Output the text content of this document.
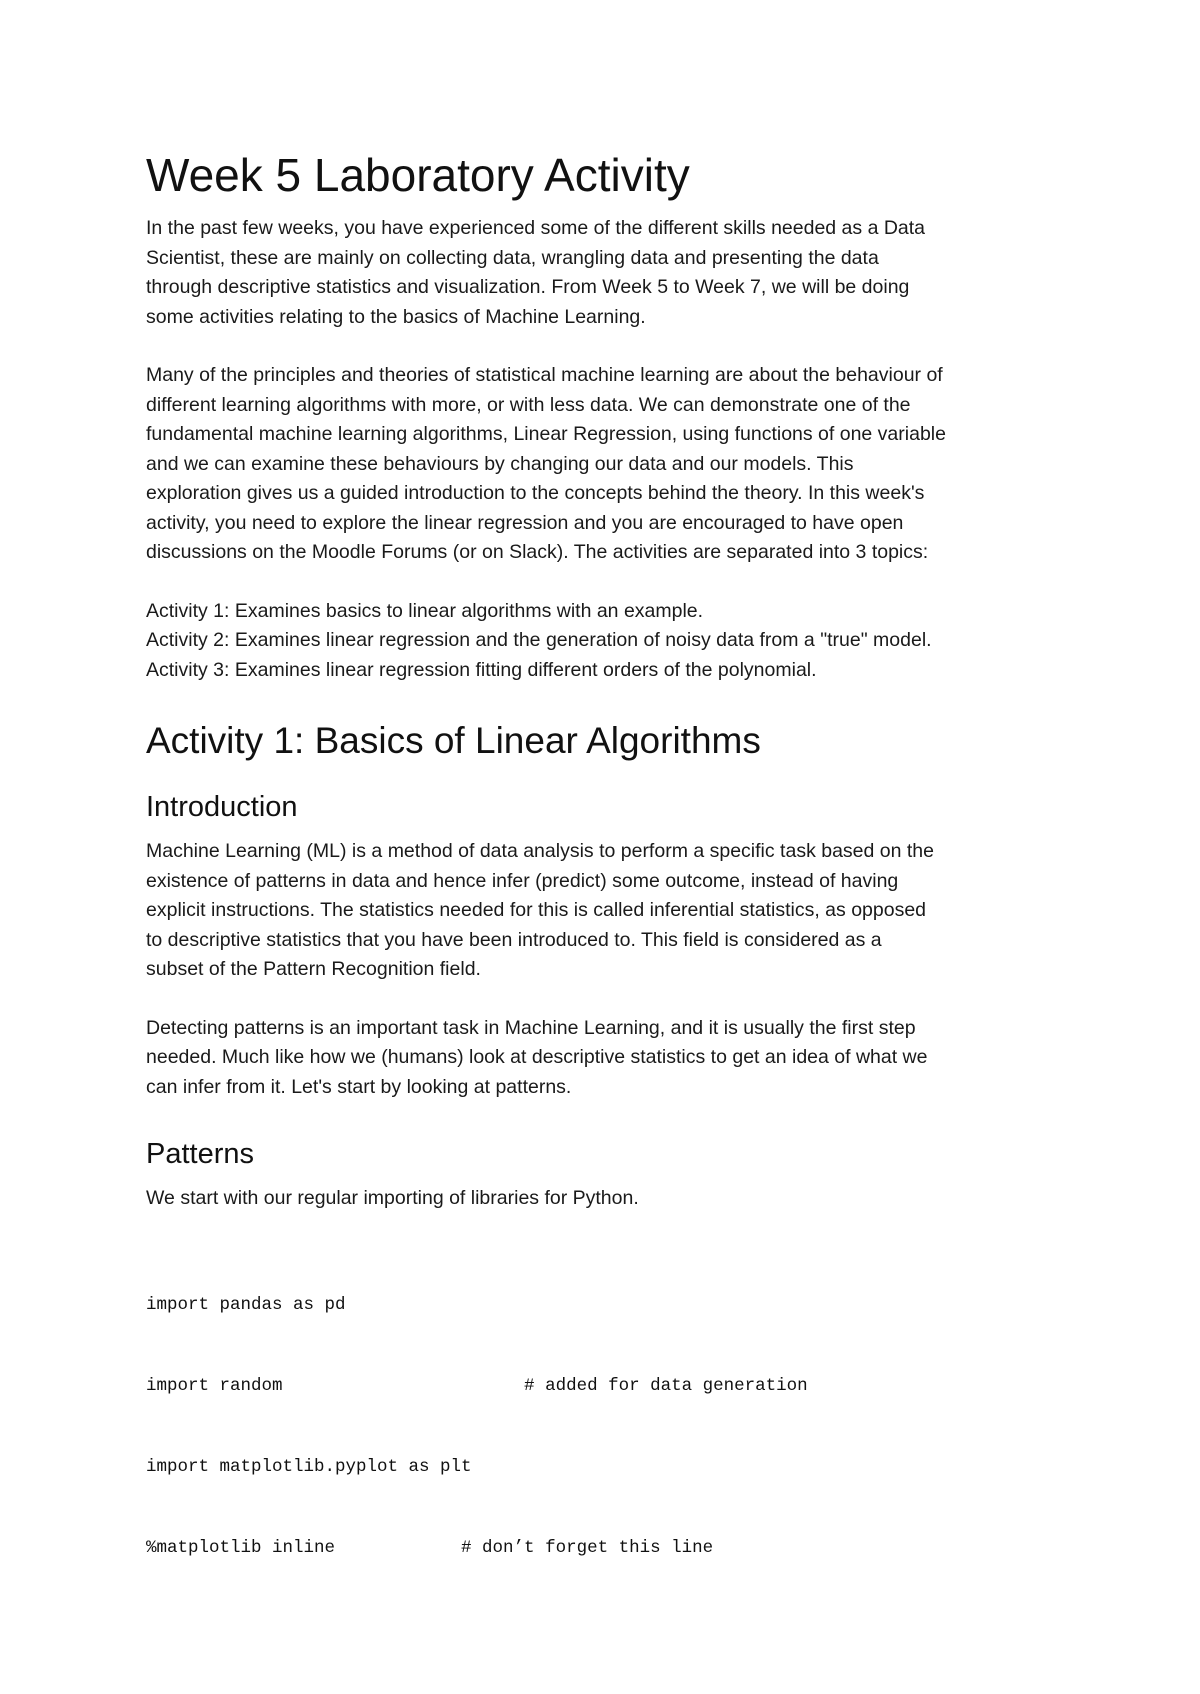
Week 5 Laboratory Activity

In the past few weeks, you have experienced some of the different skills needed as a Data
Scientist, these are mainly on collecting data, wrangling data and presenting the data
through descriptive statistics and visualization. From Week 5 to Week 7, we will be doing
some activities relating to the basics of Machine Learning.

Many of the principles and theories of statistical machine learning are about the behaviour of
different learning algorithms with more, or with less data. We can demonstrate one of the
fundamental machine learning algorithms, Linear Regression, using functions of one variable
and we can examine these behaviours by changing our data and our models. This
exploration gives us a guided introduction to the concepts behind the theory. In this week's
activity, you need to explore the linear regression and you are encouraged to have open
discussions on the Moodle Forums (or on Slack). The activities are separated into 3 topics:

Activity 1: Examines basics to linear algorithms with an example.
Activity 2: Examines linear regression and the generation of noisy data from a "true" model.
Activity 3: Examines linear regression fitting different orders of the polynomial.
Activity 1: Basics of Linear Algorithms
Introduction

Machine Learning (ML) is a method of data analysis to perform a specific task based on the
existence of patterns in data and hence infer (predict) some outcome, instead of having
explicit instructions. The statistics needed for this is called inferential statistics, as opposed
to descriptive statistics that you have been introduced to. This field is considered as a
subset of the Pattern Recognition field.

Detecting patterns is an important task in Machine Learning, and it is usually the first step
needed. Much like how we (humans) look at descriptive statistics to get an idea of what we
can infer from it. Let's start by looking at patterns.

Patterns

We start with our regular importing of libraries for Python.

import pandas as pd

import random                       # added for data generation

import matplotlib.pyplot as plt

%matplotlib inline            # don’t forget this line
